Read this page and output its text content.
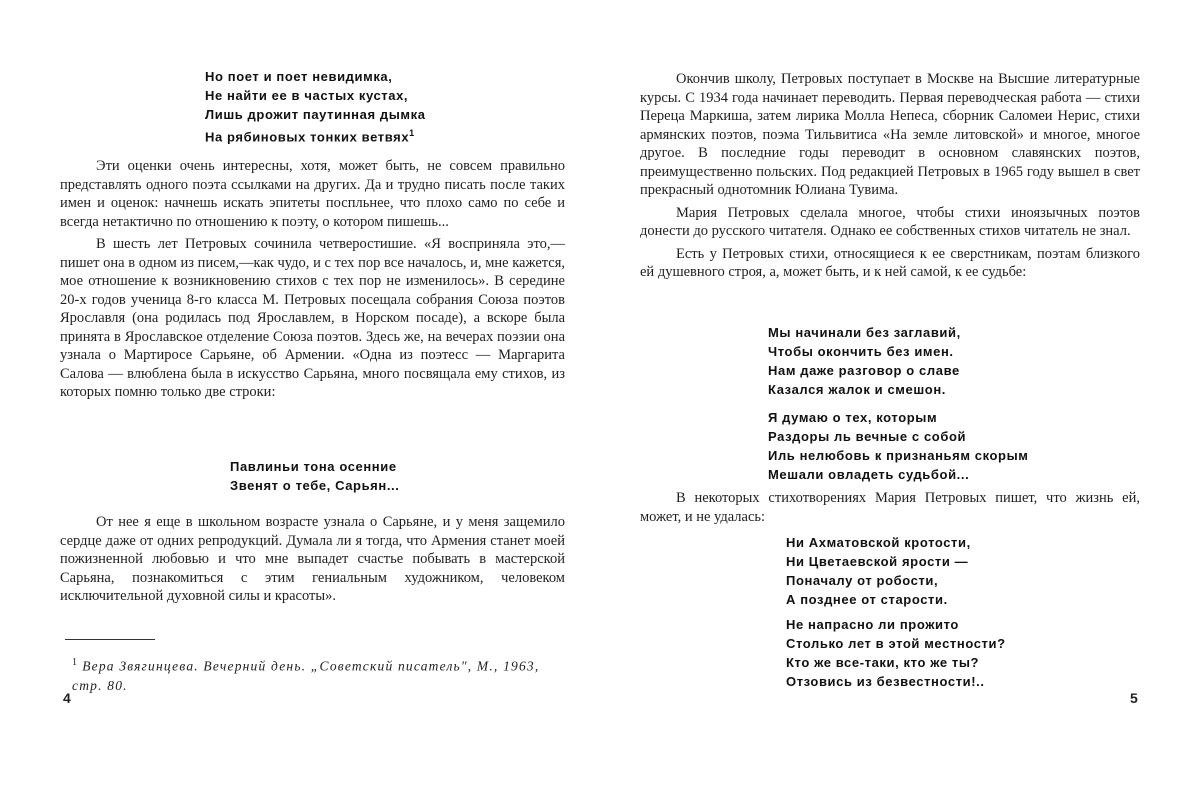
Но поет и поет невидимка,
Не найти ее в частых кустах,
Лишь дрожит паутинная дымка
На рябиновых тонких ветвях$^1$

Эти оценки очень интересны, хотя, может быть, не совсем правильно представлять одного поэта ссылками на других. Да и трудно писать после таких имен и оценок: начнешь искать эпитеты поспльнее, что плохо само по себе и всегда нетактично по отношению к поэту, о котором пишешь...

В шесть лет Петровых сочинила четверостишие. «Я восприняла это,— пишет она в одном из писем,—как чудо, и с тех пор все началось, и, мне кажется, мое отношение к возникновению стихов с тех пор не изменилось». В середине 20-х годов ученица 8-го класса М. Петровых посещала собрания Союза поэтов Ярославля (она родилась под Ярославлем, в Норском посаде), а вскоре была принята в Ярославское отделение Союза поэтов. Здесь же, на вечерах поэзии она узнала о Мартиросе Сарьяне, об Армении. «Одна из поэтесс — Маргарита Салова — влюблена была в искусство Сарьяна, много посвящала ему стихов, из которых помню только две строки:

Павлиньи тона осенние
Звенят о тебе, Сарьян...

От нее я еще в школьном возрасте узнала о Сарьяне, и у меня защемило сердце даже от одних репродукций. Думала ли я тогда, что Армения станет моей пожизненной любовью и что мне выпадет счастье побывать в мастерской Сарьяна, познакомиться с этим гениальным художником, человеком исключительной духовной силы и красоты».

$^1$ Вера Звягинцева. Вечерний день. „Советский писатель", М., 1963, стр. 80.
4

Окончив школу, Петровых поступает в Москве на Высшие литературные курсы. С 1934 года начинает переводить. Первая переводческая работа — стихи Переца Маркиша, затем лирика Молла Непеса, сборник Саломеи Нерис, стихи армянских поэтов, поэма Тильвитиса «На земле литовской» и многое, многое другое. В последние годы переводит в основном славянских поэтов, преимущественно польских. Под редакцией Петровых в 1965 году вышел в свет прекрасный однотомник Юлиана Тувима.

Мария Петровых сделала многое, чтобы стихи иноязычных поэтов донести до русского читателя. Однако ее собственных стихов читатель не знал.

Есть у Петровых стихи, относящиеся к ее сверстникам, поэтам близкого ей душевного строя, а, может быть, и к ней самой, к ее судьбе:

Мы начинали без заглавий,
Чтобы окончить без имен.
Нам даже разговор о славе
Казался жалок и смешон.
Я думаю о тех, которым
Раздоры ль вечные с собой
Иль нелюбовь к признаньям скорым
Мешали овладеть судьбой...

В некоторых стихотворениях Мария Петровых пишет, что жизнь ей, может, и не удалась:

Ни Ахматовской кротости,
Ни Цветаевской ярости —
Поначалу от робости,
А позднее от старости.
Не напрасно ли прожито
Столько лет в этой местности?
Кто же все-таки, кто же ты?
Отзовись из безвестности!..
5
